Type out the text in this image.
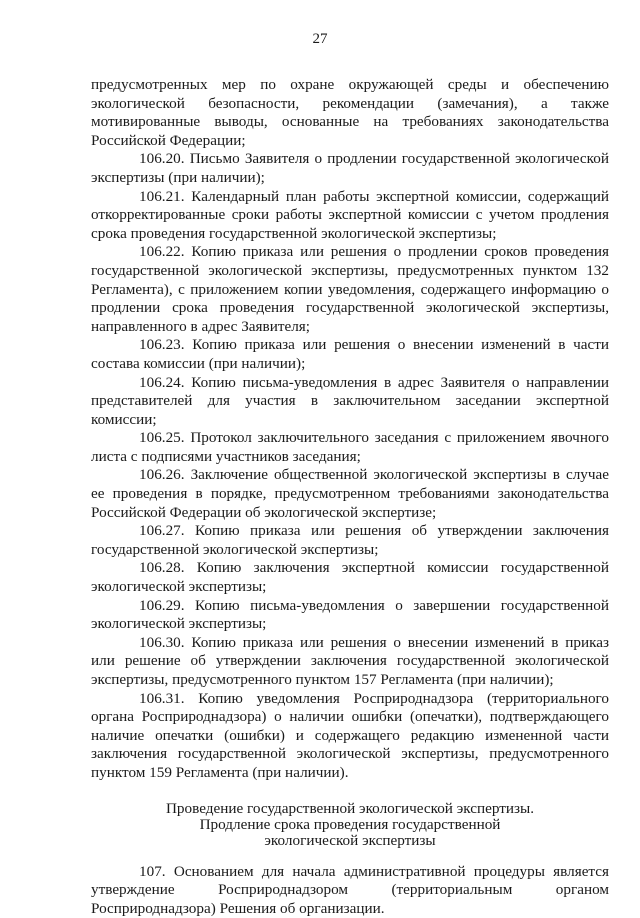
27

предусмотренных мер по охране окружающей среды и обеспечению экологической безопасности, рекомендации (замечания), а также мотивированные выводы, основанные на требованиях законодательства Российской Федерации;

106.20. Письмо Заявителя о продлении государственной экологической экспертизы (при наличии);

106.21. Календарный план работы экспертной комиссии, содержащий откорректированные сроки работы экспертной комиссии с учетом продления срока проведения государственной экологической экспертизы;

106.22. Копию приказа или решения о продлении сроков проведения государственной экологической экспертизы, предусмотренных пунктом 132 Регламента), с приложением копии уведомления, содержащего информацию о продлении срока проведения государственной экологической экспертизы, направленного в адрес Заявителя;

106.23. Копию приказа или решения о внесении изменений в части состава комиссии (при наличии);

106.24. Копию письма-уведомления в адрес Заявителя о направлении представителей для участия в заключительном заседании экспертной комиссии;

106.25. Протокол заключительного заседания с приложением явочного листа с подписями участников заседания;

106.26. Заключение общественной экологической экспертизы в случае ее проведения в порядке, предусмотренном требованиями законодательства Российской Федерации об экологической экспертизе;

106.27. Копию приказа или решения об утверждении заключения государственной экологической экспертизы;

106.28. Копию заключения экспертной комиссии государственной экологической экспертизы;

106.29. Копию письма-уведомления о завершении государственной экологической экспертизы;

106.30. Копию приказа или решения о внесении изменений в приказ или решение об утверждении заключения государственной экологической экспертизы, предусмотренного пунктом 157 Регламента (при наличии);

106.31. Копию уведомления Росприроднадзора (территориального органа Росприроднадзора) о наличии ошибки (опечатки), подтверждающего наличие опечатки (ошибки) и содержащего редакцию измененной части заключения государственной экологической экспертизы, предусмотренного пунктом 159 Регламента (при наличии).

Проведение государственной экологической экспертизы.
Продление срока проведения государственной
экологической экспертизы

107. Основанием для начала административной процедуры является утверждение Росприроднадзором (территориальным органом Росприроднадзора) Решения об организации.
